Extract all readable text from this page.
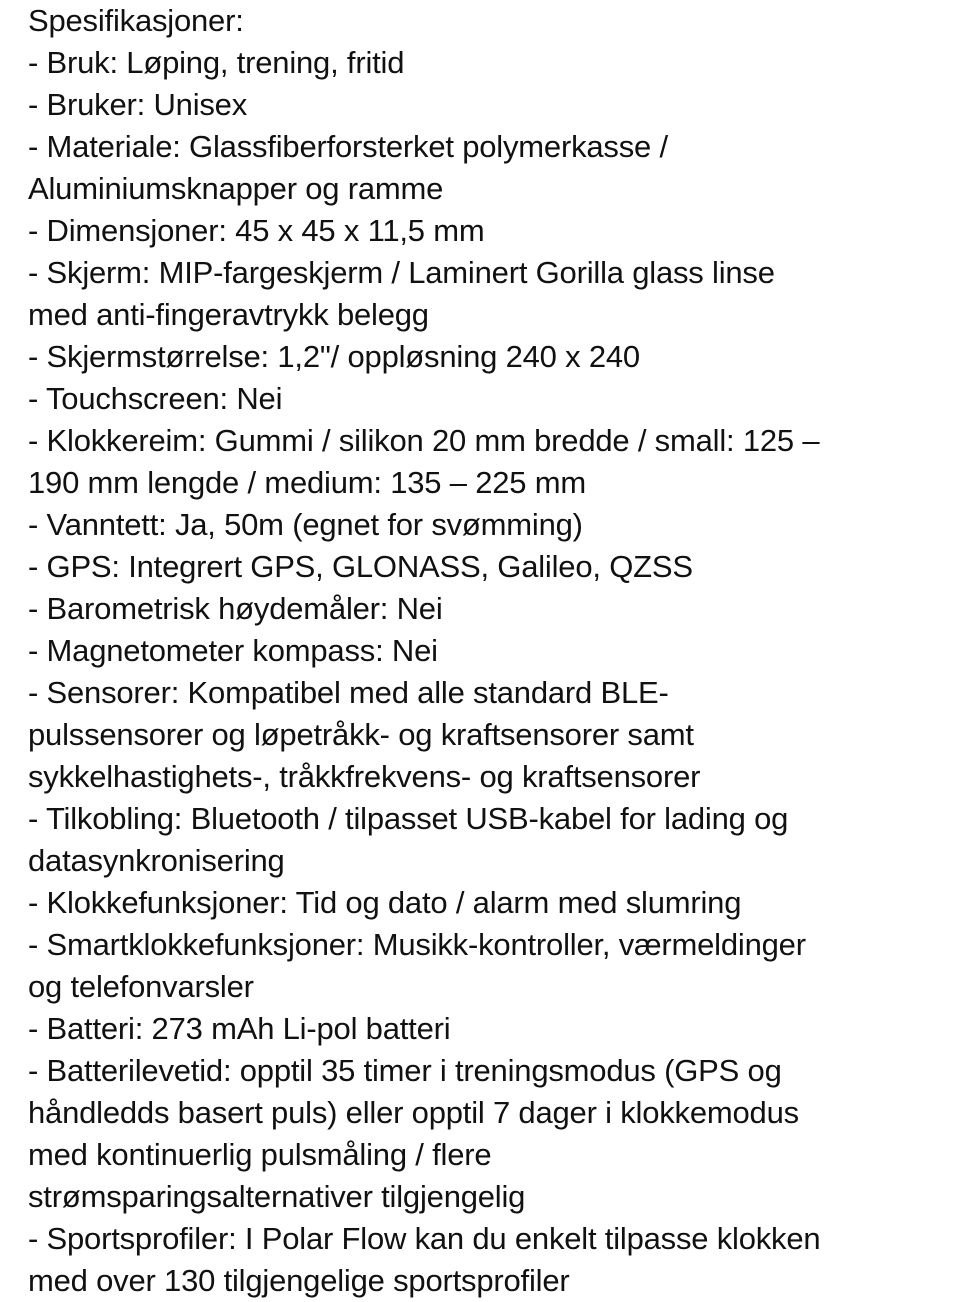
Spesifikasjoner:
- Bruk: Løping, trening, fritid
- Bruker: Unisex
- Materiale: Glassfiberforsterket polymerkasse /
Aluminiumsknapper og ramme
- Dimensjoner: 45 x 45 x 11,5 mm
- Skjerm: MIP-fargeskjerm / Laminert Gorilla glass linse
med anti-fingeravtrykk belegg
- Skjermstørrelse: 1,2"/ oppløsning 240 x 240
- Touchscreen: Nei
- Klokkereim: Gummi / silikon 20 mm bredde / small: 125 –
190 mm lengde / medium: 135 – 225 mm
- Vanntett: Ja, 50m (egnet for svømming)
- GPS: Integrert GPS, GLONASS, Galileo, QZSS
- Barometrisk høydemåler: Nei
- Magnetometer kompass: Nei
- Sensorer: Kompatibel med alle standard BLE-
pulssensorer og løpetråkk- og kraftsensorer samt
sykkelhastighets-, tråkkfrekvens- og kraftsensorer
- Tilkobling: Bluetooth / tilpasset USB-kabel for lading og
datasynkronisering
- Klokkefunksjoner: Tid og dato / alarm med slumring
- Smartklokkefunksjoner: Musikk-kontroller, værmeldinger
og telefonvarsler
- Batteri: 273 mAh Li-pol batteri
- Batterilevetid: opptil 35 timer i treningsmodus (GPS og
håndledds basert puls) eller opptil 7 dager i klokkemodus
med kontinuerlig pulsmåling / flere
strømsparingsalternativer tilgjengelig
- Sportsprofiler: I Polar Flow kan du enkelt tilpasse klokken
med over 130 tilgjengelige sportsprofiler
